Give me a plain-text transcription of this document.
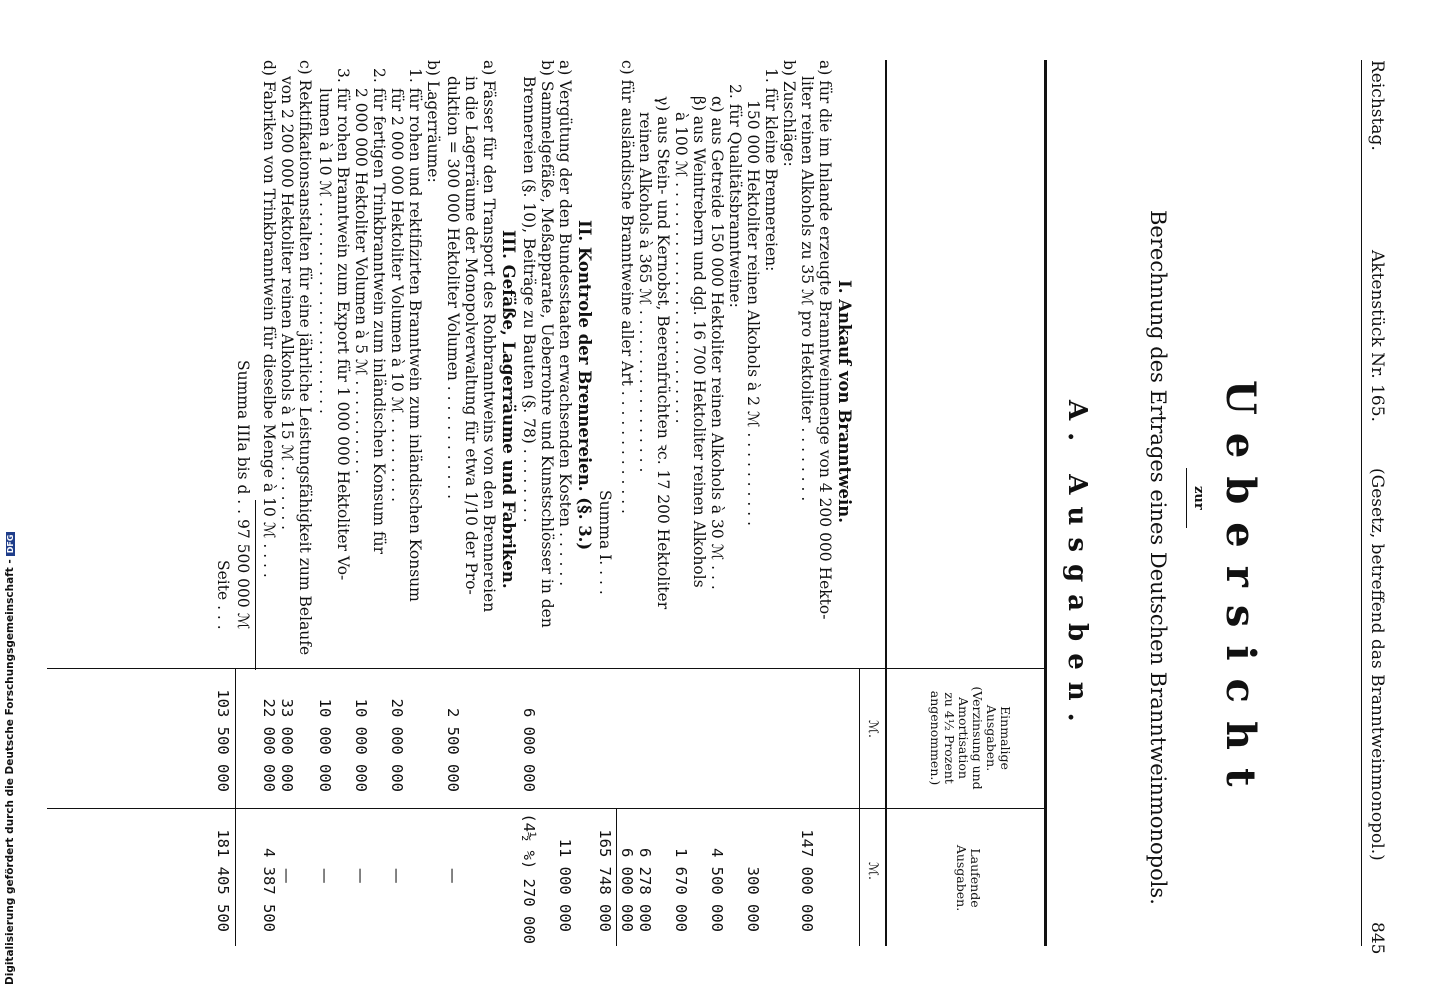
Digitalisierung gefördert durch die Deutsche Forschungsgemeinschaft -DFG
Reichstag.
Aktenstück Nr. 165.
(Gesetz, betreffend das Branntweinmonopol.)
845
Uebersicht
zur
Berechnung des Ertrages eines Deutschen Branntweinmonopols.
A. Ausgaben.
Einmalige
Ausgaben.
(Verzinsung und
Amortisation
zu 4½ Prozent
angenommen.)
Laufende
Ausgaben.
ℳ.
ℳ.
I. Ankauf von Branntwein.
a) für die im Inlande erzeugte Branntweinmenge von 4 200 000 Hekto-
liter reinen Alkohols zu 35 ℳ pro Hektoliter . . . . . . . .
147 000 000
b) Zuschläge:
1. für kleine Brennereien:
150 000 Hektoliter reinen Alkohols à 2 ℳ . . . . . . . . . .
300 000
2. für Qualitätsbranntweine:
α) aus Getreide 150 000 Hektoliter reinen Alkohols à 30 ℳ . . .
4 500 000
β) aus Weintrebern und dgl. 16 700 Hektoliter reinen Alkohols
à 100 ℳ . . . . . . . . . . . . . . . . . . . . . . . . .
1 670 000
γ) aus Stein- und Kernobst, Beerenfrüchten ꝛc. 17 200 Hektoliter
reinen Alkohols à 365 ℳ . . . . . . . . . . . . . . . . .
6 278 000
c) für ausländische Branntweine aller Art . . . . . . . . . . . . .
6 000 000
Summa I. . . .
165 748 000
II. Kontrole der Brennereien. (§. 3.)
a) Vergütung der den Bundesstaaten erwachsenden Kosten . . . . . .
11 000 000
b) Sammelgefäße, Meßapparate, Ueberrohre und Kunstschlösser in den
Brennereien (§. 10), Beiträge zu Bauten (§. 78) . . . . . . . .
6 000 000
(4½ %) 270 000
III. Gefäße, Lagerräume und Fabriken.
a) Fässer für den Transport des Rohbranntweins von den Brennereien
in die Lagerräume der Monopolverwaltung für etwa 1/10 der Pro-
duktion = 300 000 Hektoliter Volumen . . . . . . . . . . . .
2 500 000
—
b) Lagerräume:
1. für rohen und rektifizirten Branntwein zum inländischen Konsum
für 2 000 000 Hektoliter Volumen à 10 ℳ . . . . . . . . .
20 000 000
—
2. für fertigen Trinkbranntwein zum inländischen Konsum für
2 000 000 Hektoliter Volumen à 5 ℳ . . . . . . . . . .
10 000 000
—
3. für rohen Branntwein zum Export für 1 000 000 Hektoliter Vo-
lumen à 10 ℳ . . . . . . . . . . . . . . . . . . . . . .
10 000 000
—
c) Rektifikationsanstalten für eine jährliche Leistungsfähigkeit zum Belaufe
von 2 200 000 Hektoliter reinen Alkohols à 15 ℳ . . . . . . .
33 000 000
—
d) Fabriken von Trinkbranntwein für dieselbe Menge à 10 ℳ . . . .
22 000 000
4 387 500
Summa IIIa bis d . . 97 500 000 ℳ
Seite . . .
103 500 000
181 405 500
